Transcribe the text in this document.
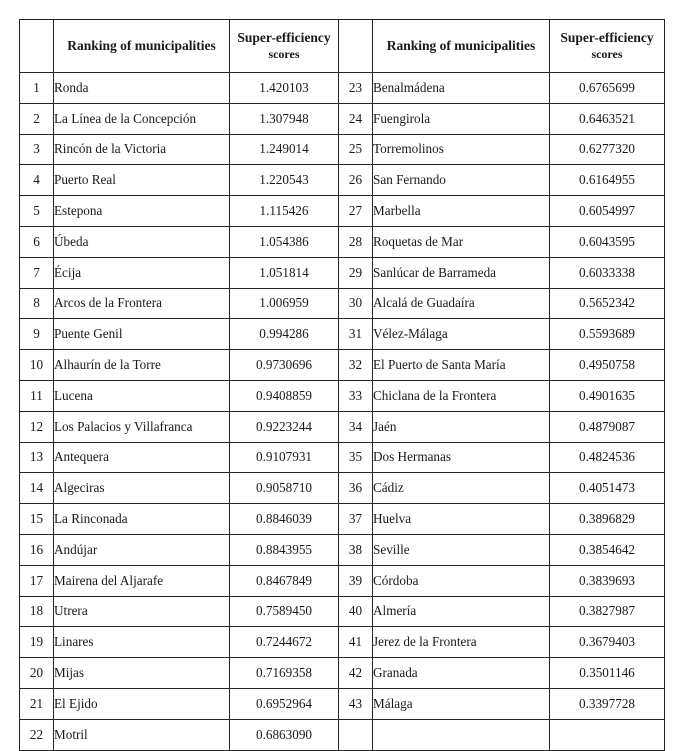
	Ranking of municipalities	Super-efficiency
scores		Ranking of municipalities	Super-efficiency
scores

1	Ronda	1.420103	23	Benalmádena	0.6765699
2	La Línea de la Concepción	1.307948	24	Fuengirola	0.6463521
3	Rincón de la Victoria	1.249014	25	Torremolinos	0.6277320
4	Puerto Real	1.220543	26	San Fernando	0.6164955
5	Estepona	1.115426	27	Marbella	0.6054997
6	Úbeda	1.054386	28	Roquetas de Mar	0.6043595
7	Écija	1.051814	29	Sanlúcar de Barrameda	0.6033338
8	Arcos de la Frontera	1.006959	30	Alcalá de Guadaíra	0.5652342
9	Puente Genil	0.994286	31	Vélez-Málaga	0.5593689
10	Alhaurín de la Torre	0.9730696	32	El Puerto de Santa María	0.4950758
11	Lucena	0.9408859	33	Chiclana de la Frontera	0.4901635
12	Los Palacios y Villafranca	0.9223244	34	Jaén	0.4879087
13	Antequera	0.9107931	35	Dos Hermanas	0.4824536
14	Algeciras	0.9058710	36	Cádiz	0.4051473
15	La Rinconada	0.8846039	37	Huelva	0.3896829
16	Andújar	0.8843955	38	Seville	0.3854642
17	Mairena del Aljarafe	0.8467849	39	Córdoba	0.3839693
18	Utrera	0.7589450	40	Almería	0.3827987
19	Linares	0.7244672	41	Jerez de la Frontera	0.3679403
20	Mijas	0.7169358	42	Granada	0.3501146
21	El Ejido	0.6952964	43	Málaga	0.3397728
22	Motril	0.6863090			
